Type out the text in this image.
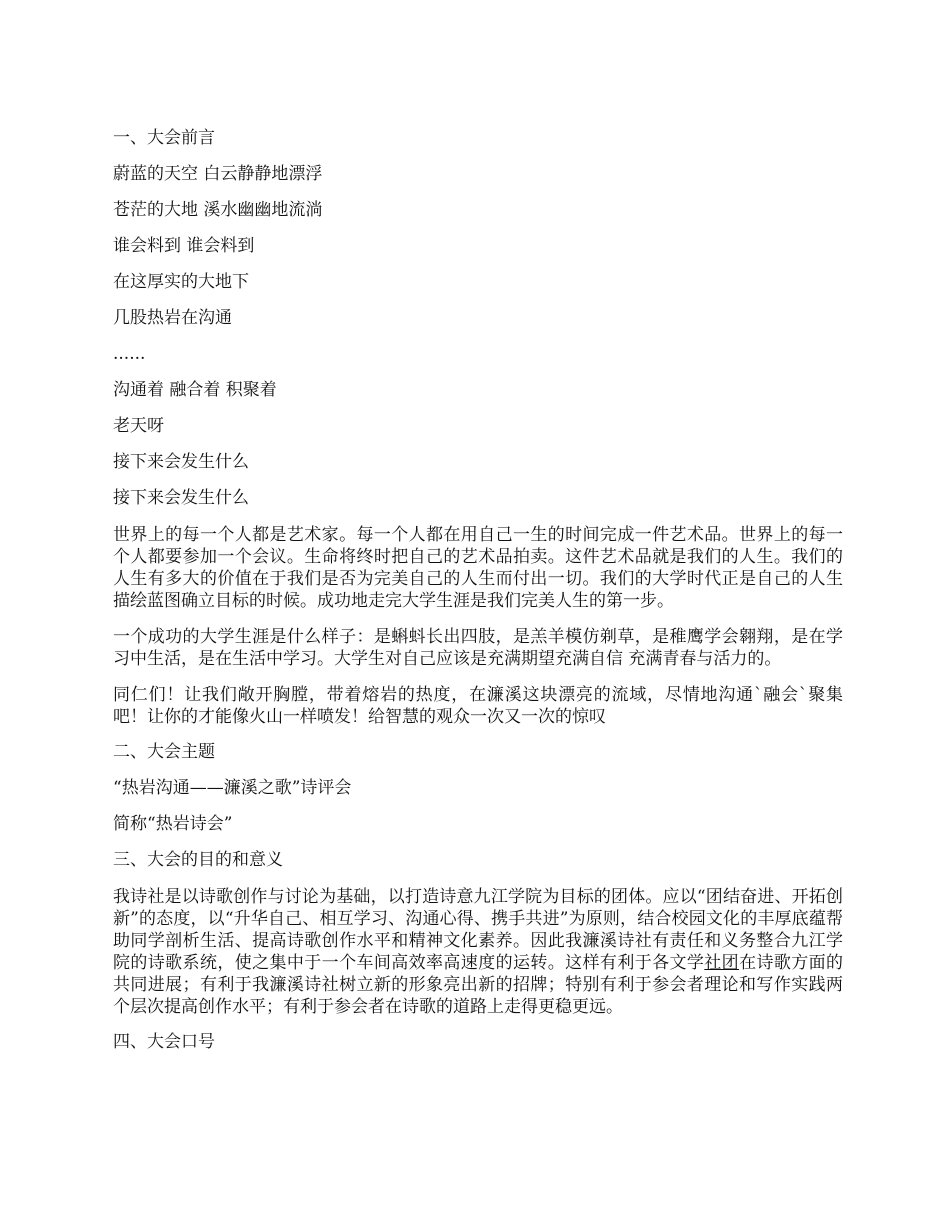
一、大会前言
蔚蓝的天空 白云静静地漂浮
苍茫的大地 溪水幽幽地流淌
谁会料到 谁会料到
在这厚实的大地下
几股热岩在沟通
......
沟通着 融合着 积聚着
老天呀
接下来会发生什么
接下来会发生什么

世界上的每一个人都是艺术家。每一个人都在用自己一生的时间完成一件艺术品。世界上的每一个人都要参加一个会议。生命将终时把自己的艺术品拍卖。这件艺术品就是我们的人生。我们的人生有多大的价值在于我们是否为完美自己的人生而付出一切。我们的大学时代正是自己的人生描绘蓝图确立目标的时候。成功地走完大学生涯是我们完美人生的第一步。

一个成功的大学生涯是什么样子：是蝌蚪长出四肢，是羔羊模仿剃草，是稚鹰学会翱翔，是在学习中生活，是在生活中学习。大学生对自己应该是充满期望充满自信 充满青春与活力的。

同仁们！让我们敞开胸膛，带着熔岩的热度，在濂溪这块漂亮的流域，尽情地沟通`融会`聚集吧！让你的才能像火山一样喷发！给智慧的观众一次又一次的惊叹

二、大会主题
“热岩沟通——濂溪之歌”诗评会
简称“热岩诗会”
三、大会的目的和意义

我诗社是以诗歌创作与讨论为基础，以打造诗意九江学院为目标的团体。应以“团结奋进、开拓创新”的态度，以“升华自己、相互学习、沟通心得、携手共进”为原则，结合校园文化的丰厚底蕴帮助同学剖析生活、提高诗歌创作水平和精神文化素养。因此我濂溪诗社有责任和义务整合九江学院的诗歌系统，使之集中于一个车间高效率高速度的运转。这样有利于各文学社团在诗歌方面的共同进展；有利于我濂溪诗社树立新的形象亮出新的招牌；特别有利于参会者理论和写作实践两个层次提高创作水平；有利于参会者在诗歌的道路上走得更稳更远。

四、大会口号
